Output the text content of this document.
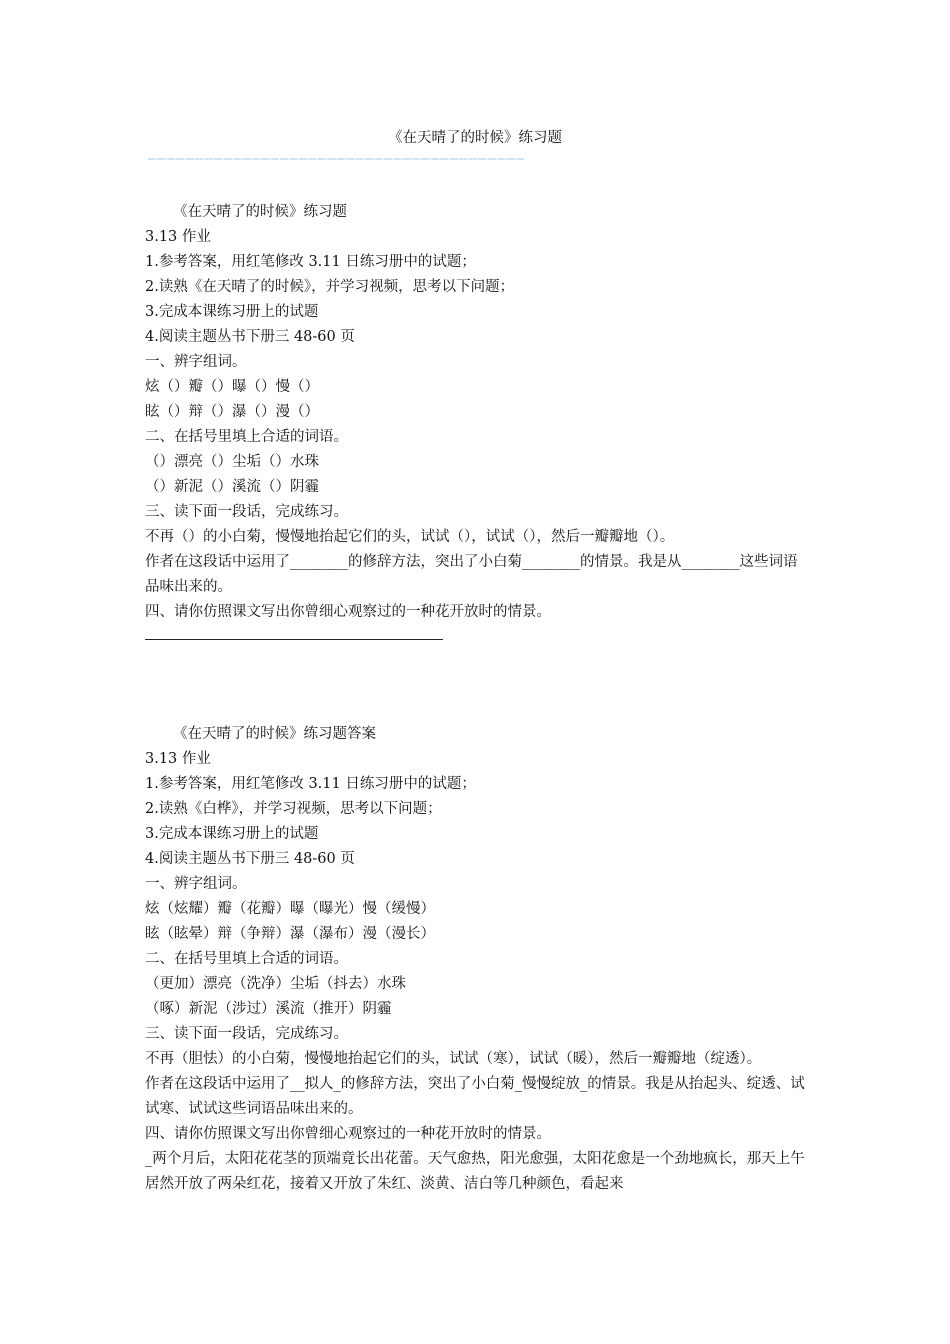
《在天晴了的时候》练习题
————————————————————————————————————————
《在天晴了的时候》练习题
3.13 作业
1.参考答案，用红笔修改 3.11 日练习册中的试题；
2.读熟《在天晴了的时候》，并学习视频，思考以下问题；
3.完成本课练习册上的试题
4.阅读主题丛书下册三 48-60 页
一、辨字组词。
炫（）瓣（）曝（）慢（）
眩（）辩（）瀑（）漫（）
二、在括号里填上合适的词语。
（）漂亮（）尘垢（）水珠
（）新泥（）溪流（）阴霾
三、读下面一段话，完成练习。
不再（）的小白菊，慢慢地抬起它们的头，试试（），试试（），然后一瓣瓣地（）。
作者在这段话中运用了________的修辞方法，突出了小白菊________的情景。我是从________这些词语品味出来的。
四、请你仿照课文写出你曾细心观察过的一种花开放时的情景。
《在天晴了的时候》练习题答案
3.13 作业
1.参考答案，用红笔修改 3.11 日练习册中的试题；
2.读熟《白桦》，并学习视频，思考以下问题；
3.完成本课练习册上的试题
4.阅读主题丛书下册三 48-60 页
一、辨字组词。
炫（炫耀）瓣（花瓣）曝（曝光）慢（缓慢）
眩（眩晕）辩（争辩）瀑（瀑布）漫（漫长）
二、在括号里填上合适的词语。
（更加）漂亮（洗净）尘垢（抖去）水珠
（啄）新泥（涉过）溪流（推开）阴霾
三、读下面一段话，完成练习。
不再（胆怯）的小白菊，慢慢地抬起它们的头，试试（寒），试试（暖），然后一瓣瓣地（绽透）。
作者在这段话中运用了__拟人_的修辞方法，突出了小白菊_慢慢绽放_的情景。我是从抬起头、绽透、试试寒、试试这些词语品味出来的。
四、请你仿照课文写出你曾细心观察过的一种花开放时的情景。
_两个月后，太阳花花茎的顶端竟长出花蕾。天气愈热，阳光愈强，太阳花愈是一个劲地疯长，那天上午居然开放了两朵红花，接着又开放了朱红、淡黄、洁白等几种颜色，看起来
